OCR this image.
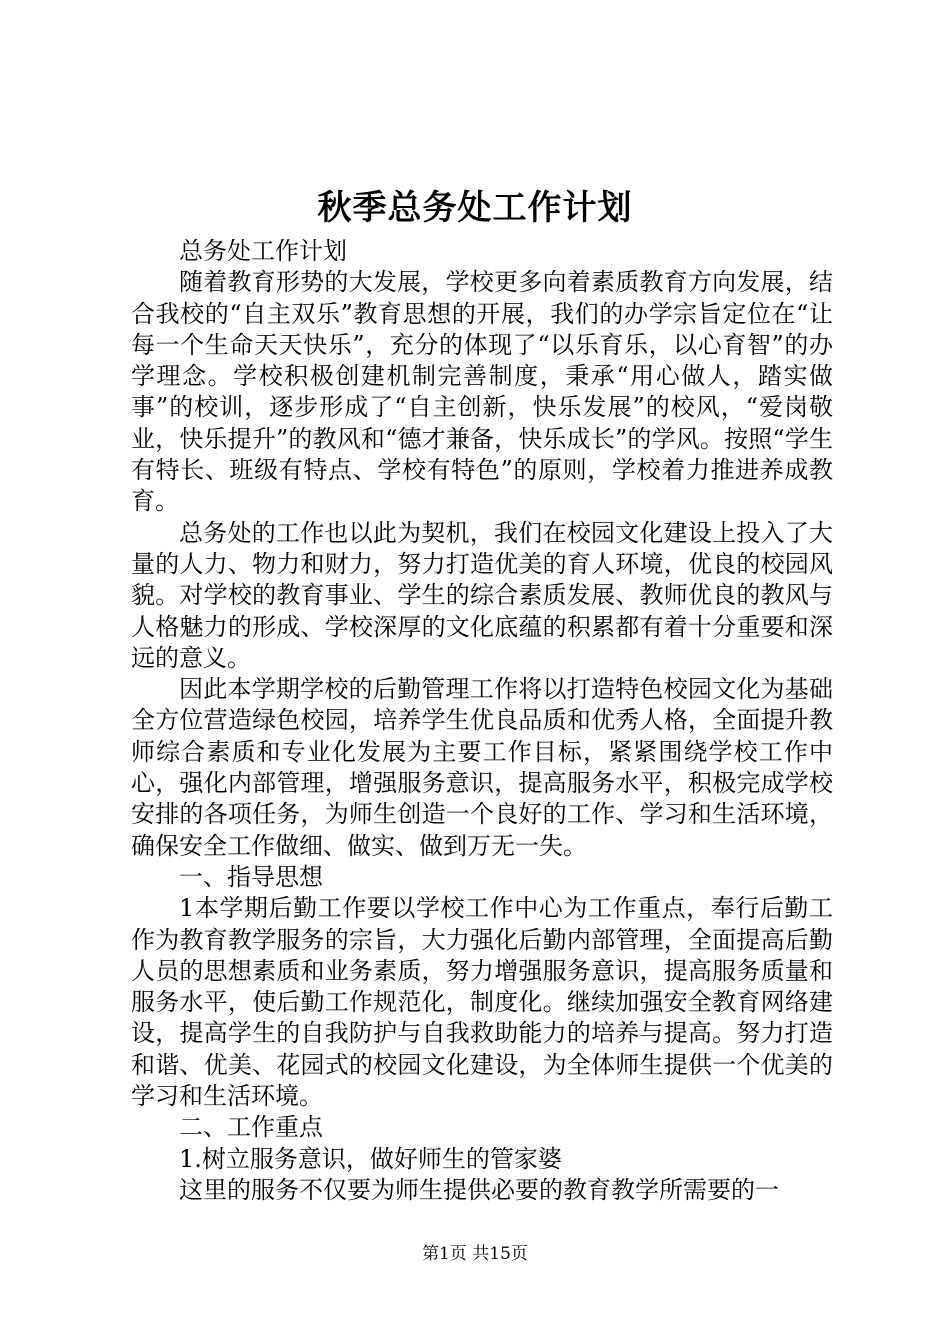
秋季总务处工作计划

总务处工作计划

随着教育形势的大发展，学校更多向着素质教育方向发展，结合我校的“自主双乐”教育思想的开展，我们的办学宗旨定位在“让每一个生命天天快乐”，充分的体现了“以乐育乐，以心育智”的办学理念。学校积极创建机制完善制度，秉承“用心做人，踏实做事”的校训，逐步形成了“自主创新，快乐发展”的校风，“爱岗敬业，快乐提升”的教风和“德才兼备，快乐成长”的学风。按照“学生有特长、班级有特点、学校有特色”的原则，学校着力推进养成教育。

总务处的工作也以此为契机，我们在校园文化建设上投入了大量的人力、物力和财力，努力打造优美的育人环境，优良的校园风貌。对学校的教育事业、学生的综合素质发展、教师优良的教风与人格魅力的形成、学校深厚的文化底蕴的积累都有着十分重要和深远的意义。

因此本学期学校的后勤管理工作将以打造特色校园文化为基础全方位营造绿色校园，培养学生优良品质和优秀人格，全面提升教师综合素质和专业化发展为主要工作目标，紧紧围绕学校工作中心，强化内部管理，增强服务意识，提高服务水平，积极完成学校安排的各项任务，为师生创造一个良好的工作、学习和生活环境，确保安全工作做细、做实、做到万无一失。

一、指导思想

1本学期后勤工作要以学校工作中心为工作重点，奉行后勤工作为教育教学服务的宗旨，大力强化后勤内部管理，全面提高后勤人员的思想素质和业务素质，努力增强服务意识，提高服务质量和服务水平，使后勤工作规范化，制度化。继续加强安全教育网络建设，提高学生的自我防护与自我救助能力的培养与提高。努力打造和谐、优美、花园式的校园文化建设，为全体师生提供一个优美的学习和生活环境。

二、工作重点

1.树立服务意识，做好师生的管家婆

这里的服务不仅要为师生提供必要的教育教学所需要的一

第1页 共15页
